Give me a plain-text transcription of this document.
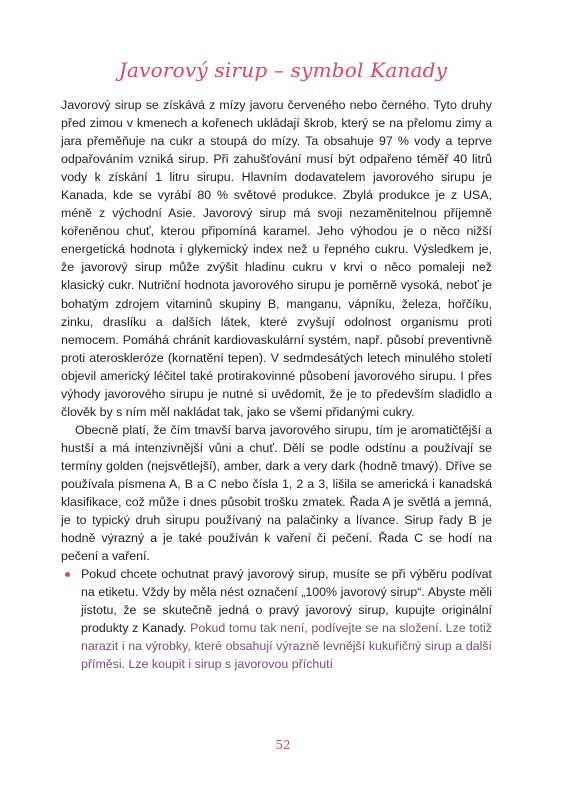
Javorový sirup – symbol Kanady

Javorový sirup se získává z mízy javoru červeného nebo černého. Tyto druhy před zimou v kmenech a kořenech ukládají škrob, který se na přelomu zimy a jara přeměňuje na cukr a stoupá do mízy. Ta obsahuje 97 % vody a teprve odpařováním vzniká sirup. Při zahušťování musí být odpařeno téměř 40 litrů vody k získání 1 litru sirupu. Hlavním dodavatelem javorového sirupu je Kanada, kde se vyrábí 80 % světové produkce. Zbylá produkce je z USA, méně z východní Asie. Javorový sirup má svoji nezaměnitelnou příjemně kořeněnou chuť, kterou připomíná karamel. Jeho výhodou je o něco nižší energetická hodnota i glykemický index než u řepného cukru. Výsledkem je, že javorový sirup může zvýšit hladinu cukru v krvi o něco pomaleji než klasický cukr. Nutriční hodnota javorového sirupu je poměrně vysoká, neboť je bohatým zdrojem vitaminů skupiny B, manganu, vápníku, železa, hořčíku, zinku, draslíku a dalších látek, které zvyšují odolnost organismu proti nemocem. Pomáhá chránit kardiovaskulární systém, např. působí preventivně proti ateroskleróze (kornatění tepen). V sedmdesátých letech minulého století objevil americký léčitel také protirakovinné působení javorového sirupu. I přes výhody javorového sirupu je nutné si uvědomit, že je to především sladidlo a člověk by s ním měl nakládat tak, jako se všemi přidanými cukry.

Obecně platí, že čím tmavší barva javorového sirupu, tím je aromatičtější a hustší a má intenzivnější vůni a chuť. Dělí se podle odstínu a používají se termíny golden (nejsvětlejší), amber, dark a very dark (hodně tmavý). Dříve se používala písmena A, B a C nebo čísla 1, 2 a 3, lišila se americká i kanadská klasifikace, což může i dnes působit trošku zmatek. Řada A je světlá a jemná, je to typický druh sirupu používaný na palačinky a lívance. Sirup řady B je hodně výrazný a je také používán k vaření či pečení. Řada C se hodí na pečení a vaření.

Pokud chcete ochutnat pravý javorový sirup, musíte se při výběru podívat na etiketu. Vždy by měla nést označení „100% javorový sirup“. Abyste měli jistotu, že se skutečně jedná o pravý javorový sirup, kupujte originální produkty z Kanady. Pokud tomu tak není, podívejte se na složení. Lze totiž narazit i na výrobky, které obsahují výrazně levnější kukuřičný sirup a další příměsi. Lze koupit i sirup s javorovou příchutí
52
